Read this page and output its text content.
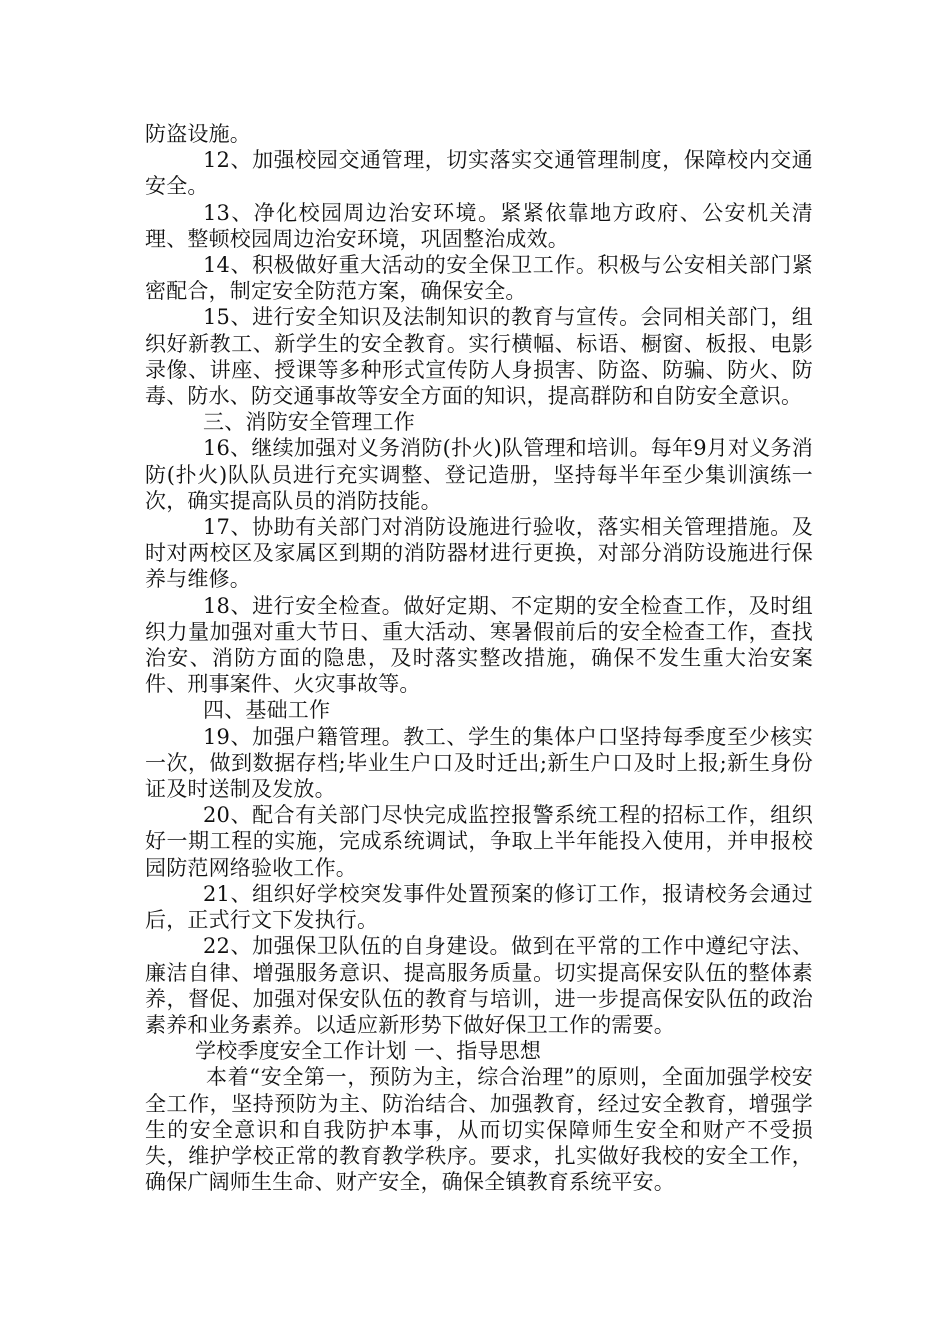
防盗设施。

12、加强校园交通管理，切实落实交通管理制度，保障校内交通安全。

13、净化校园周边治安环境。紧紧依靠地方政府、公安机关清理、整顿校园周边治安环境，巩固整治成效。

14、积极做好重大活动的安全保卫工作。积极与公安相关部门紧密配合，制定安全防范方案，确保安全。

15、进行安全知识及法制知识的教育与宣传。会同相关部门，组织好新教工、新学生的安全教育。实行横幅、标语、橱窗、板报、电影录像、讲座、授课等多种形式宣传防人身损害、防盗、防骗、防火、防毒、防水、防交通事故等安全方面的知识，提高群防和自防安全意识。

三、消防安全管理工作

16、继续加强对义务消防(扑火)队管理和培训。每年9月对义务消防(扑火)队队员进行充实调整、登记造册，坚持每半年至少集训演练一次，确实提高队员的消防技能。

17、协助有关部门对消防设施进行验收，落实相关管理措施。及时对两校区及家属区到期的消防器材进行更换，对部分消防设施进行保养与维修。

18、进行安全检查。做好定期、不定期的安全检查工作，及时组织力量加强对重大节日、重大活动、寒暑假前后的安全检查工作，查找治安、消防方面的隐患，及时落实整改措施，确保不发生重大治安案件、刑事案件、火灾事故等。

四、基础工作

19、加强户籍管理。教工、学生的集体户口坚持每季度至少核实一次，做到数据存档;毕业生户口及时迁出;新生户口及时上报;新生身份证及时送制及发放。

20、配合有关部门尽快完成监控报警系统工程的招标工作，组织好一期工程的实施，完成系统调试，争取上半年能投入使用，并申报校园防范网络验收工作。

21、组织好学校突发事件处置预案的修订工作，报请校务会通过后，正式行文下发执行。

22、加强保卫队伍的自身建设。做到在平常的工作中遵纪守法、廉洁自律、增强服务意识、提高服务质量。切实提高保安队伍的整体素养，督促、加强对保安队伍的教育与培训，进一步提高保安队伍的政治素养和业务素养。以适应新形势下做好保卫工作的需要。

学校季度安全工作计划 一、指导思想

本着“安全第一，预防为主，综合治理”的原则，全面加强学校安全工作，坚持预防为主、防治结合、加强教育，经过安全教育，增强学生的安全意识和自我防护本事，从而切实保障师生安全和财产不受损失，维护学校正常的教育教学秩序。要求，扎实做好我校的安全工作，确保广阔师生生命、财产安全，确保全镇教育系统平安。
